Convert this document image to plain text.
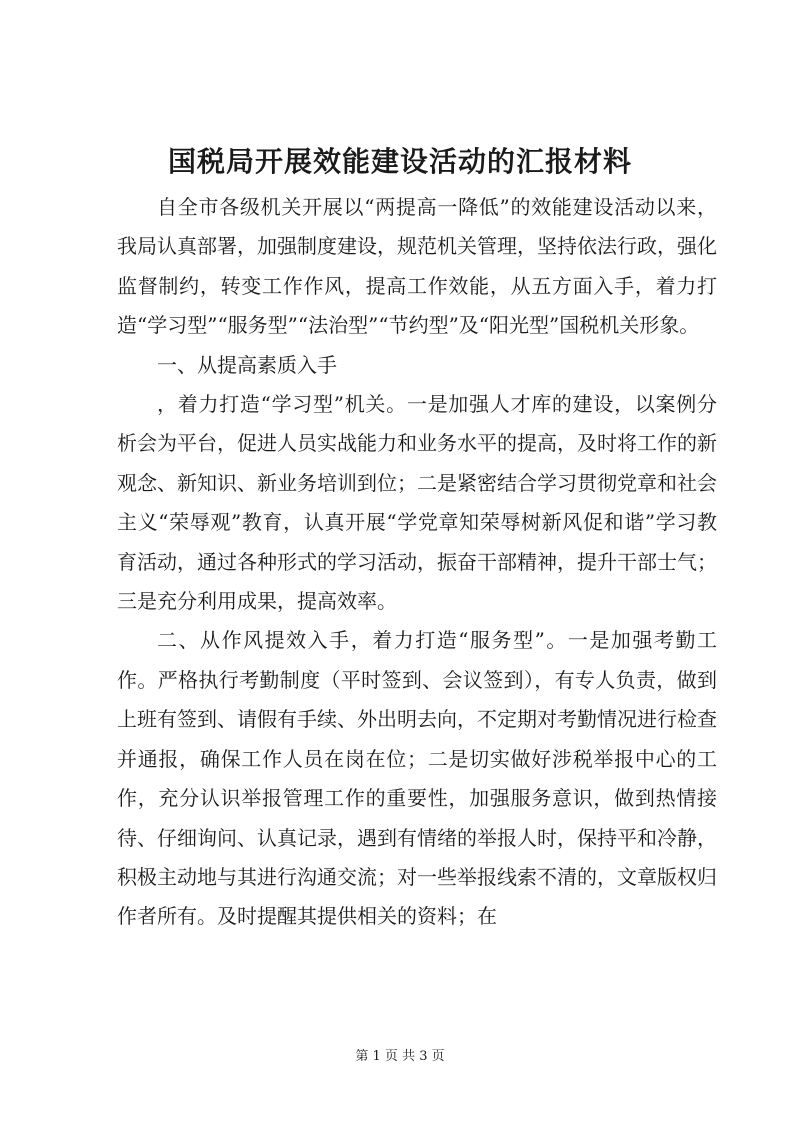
国税局开展效能建设活动的汇报材料

自全市各级机关开展以“两提高一降低”的效能建设活动以来，我局认真部署，加强制度建设，规范机关管理，坚持依法行政，强化监督制约，转变工作作风，提高工作效能，从五方面入手，着力打造“学习型”“服务型”“法治型”“节约型”及“阳光型”国税机关形象。

一、从提高素质入手

，着力打造“学习型”机关。一是加强人才库的建设，以案例分析会为平台，促进人员实战能力和业务水平的提高，及时将工作的新观念、新知识、新业务培训到位；二是紧密结合学习贯彻党章和社会主义“荣辱观”教育，认真开展“学党章知荣辱树新风促和谐”学习教育活动，通过各种形式的学习活动，振奋干部精神，提升干部士气；三是充分利用成果，提高效率。

二、从作风提效入手，着力打造“服务型”。一是加强考勤工作。严格执行考勤制度（平时签到、会议签到），有专人负责，做到上班有签到、请假有手续、外出明去向，不定期对考勤情况进行检查并通报，确保工作人员在岗在位；二是切实做好涉税举报中心的工作，充分认识举报管理工作的重要性，加强服务意识，做到热情接待、仔细询问、认真记录，遇到有情绪的举报人时，保持平和冷静，积极主动地与其进行沟通交流；对一些举报线索不清的，文章版权归作者所有。及时提醒其提供相关的资料；在

第 1 页 共 3 页
